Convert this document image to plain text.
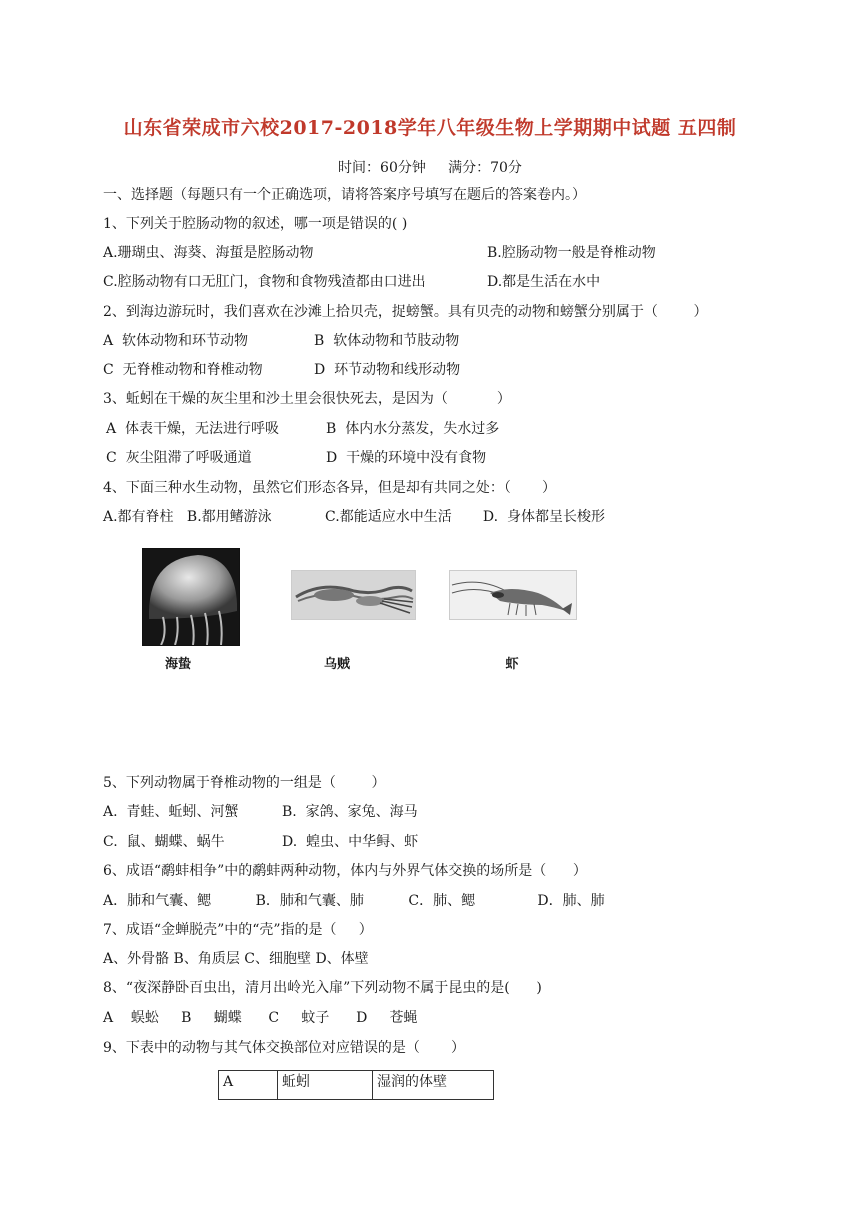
山东省荣成市六校2017-2018学年八年级生物上学期期中试题 五四制
时间：60分钟     满分：70分
一、选择题（每题只有一个正确选项，请将答案序号填写在题后的答案卷内。）
1、下列关于腔肠动物的叙述，哪一项是错误的( )
A.珊瑚虫、海葵、海蜇是腔肠动物	B.腔肠动物一般是脊椎动物
C.腔肠动物有口无肛门，食物和食物残渣都由口进出	D.都是生活在水中
2、到海边游玩时，我们喜欢在沙滩上拾贝壳，捉螃蟹。具有贝壳的动物和螃蟹分别属于（        ）
A  软体动物和环节动物	B  软体动物和节肢动物
C  无脊椎动物和脊椎动物	D  环节动物和线形动物
3、蚯蚓在干燥的灰尘里和沙土里会很快死去，是因为（           ）
A  体表干燥，无法进行呼吸	B  体内水分蒸发，失水过多
C  灰尘阻滞了呼吸通道	D  干燥的环境中没有食物
4、下面三种水生动物，虽然它们形态各异，但是却有共同之处：（       ）
A.都有脊柱   B.都用鳍游泳            C.都能适应水中生活       D.  身体都呈长梭形
海蛰	乌贼	虾
5、下列动物属于脊椎动物的一组是（        ）
A.  青蛙、蚯蚓、河蟹	B.  家鸽、家兔、海马
C.  鼠、蝴蝶、蜗牛	D.  蝗虫、中华鲟、虾
6、成语“鹬蚌相争”中的鹬蚌两种动物，体内与外界气体交换的场所是（      ）
A．肺和气囊、鳃          B．肺和气囊、肺          C．肺、鳃              D．肺、肺
7、成语“金蝉脱壳”中的“壳”指的是（     ）
A、外骨骼 B、角质层 C、细胞壁 D、体壁
8、“夜深静卧百虫出，清月出岭光入扉”下列动物不属于昆虫的是(      )
A    蜈蚣     B     蝴蝶      C     蚊子      D     苍蝇
9、下表中的动物与其气体交换部位对应错误的是（       ）
A	蚯蚓	湿润的体壁
